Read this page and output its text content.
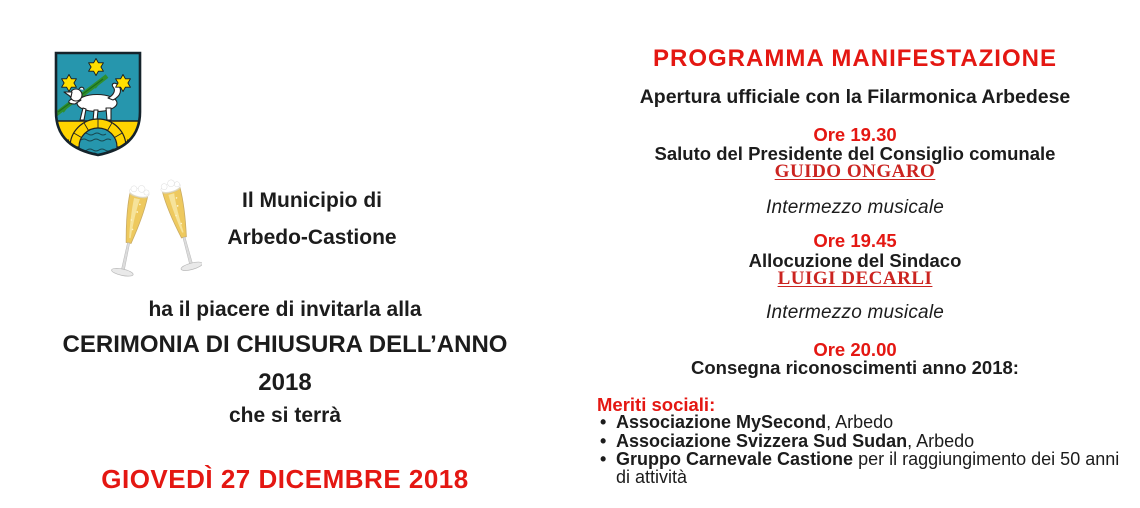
Il Municipio di
Arbedo-Castione
ha il piacere di invitarla alla
CERIMONIA DI CHIUSURA DELL’ANNO
2018
che si terrà
GIOVEDÌ 27 DICEMBRE 2018
PROGRAMMA MANIFESTAZIONE
Apertura ufficiale con la Filarmonica Arbedese
Ore 19.30
Saluto del Presidente del Consiglio comunale
GUIDO ONGARO
Intermezzo musicale
Ore 19.45
Allocuzione del Sindaco
LUIGI DECARLI
Intermezzo musicale
Ore 20.00
Consegna riconoscimenti anno 2018:
Meriti sociali:
• Associazione MySecond, Arbedo
• Associazione Svizzera Sud Sudan, Arbedo
• Gruppo Carnevale Castione per il raggiungimento dei 50 anni
di attività
